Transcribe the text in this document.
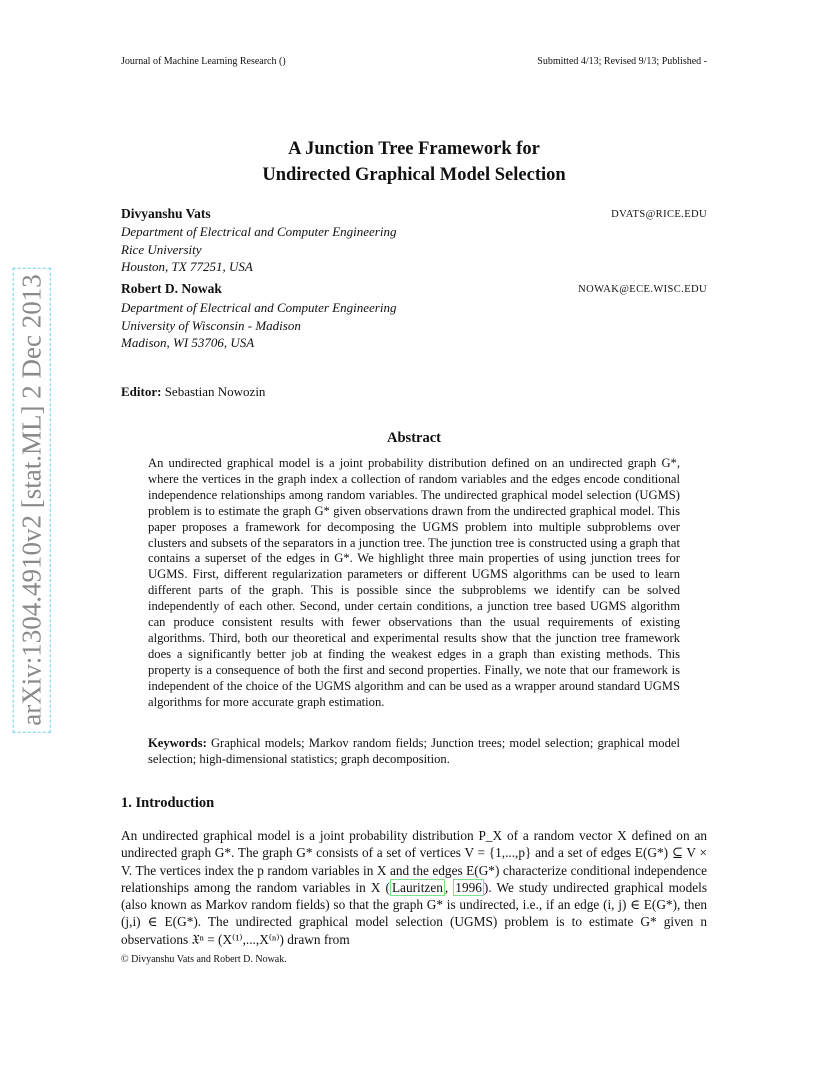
Journal of Machine Learning Research ()	Submitted 4/13; Revised 9/13; Published -
arXiv:1304.4910v2 [stat.ML] 2 Dec 2013
A Junction Tree Framework for
Undirected Graphical Model Selection
Divyanshu Vats	DVATS@RICE.EDU
Department of Electrical and Computer Engineering
Rice University
Houston, TX 77251, USA
Robert D. Nowak	NOWAK@ECE.WISC.EDU
Department of Electrical and Computer Engineering
University of Wisconsin - Madison
Madison, WI 53706, USA
Editor: Sebastian Nowozin
Abstract
An undirected graphical model is a joint probability distribution defined on an undirected graph G*, where the vertices in the graph index a collection of random variables and the edges encode conditional independence relationships among random variables. The undirected graphical model selection (UGMS) problem is to estimate the graph G* given observations drawn from the undirected graphical model. This paper proposes a framework for decomposing the UGMS problem into multiple subproblems over clusters and subsets of the separators in a junction tree. The junction tree is constructed using a graph that contains a superset of the edges in G*. We highlight three main properties of using junction trees for UGMS. First, different regularization parameters or different UGMS algorithms can be used to learn different parts of the graph. This is possible since the subproblems we identify can be solved independently of each other. Second, under certain conditions, a junction tree based UGMS algorithm can produce consistent results with fewer observations than the usual requirements of existing algorithms. Third, both our theoretical and experimental results show that the junction tree framework does a significantly better job at finding the weakest edges in a graph than existing methods. This property is a consequence of both the first and second properties. Finally, we note that our framework is independent of the choice of the UGMS algorithm and can be used as a wrapper around standard UGMS algorithms for more accurate graph estimation.
Keywords: Graphical models; Markov random fields; Junction trees; model selection; graphical model selection; high-dimensional statistics; graph decomposition.
1. Introduction
An undirected graphical model is a joint probability distribution P_X of a random vector X defined on an undirected graph G*. The graph G* consists of a set of vertices V = {1,...,p} and a set of edges E(G*) ⊆ V × V. The vertices index the p random variables in X and the edges E(G*) characterize conditional independence relationships among the random variables in X ( Lauritzen , 1996 ). We study undirected graphical models (also known as Markov random fields) so that the graph G* is undirected, i.e., if an edge (i, j) ∈ E(G*), then (j,i) ∈ E(G*). The undirected graphical model selection (UGMS) problem is to estimate G* given n observations 𝔛ⁿ = (X⁽¹⁾,...,X⁽ⁿ⁾) drawn from
© Divyanshu Vats and Robert D. Nowak.
